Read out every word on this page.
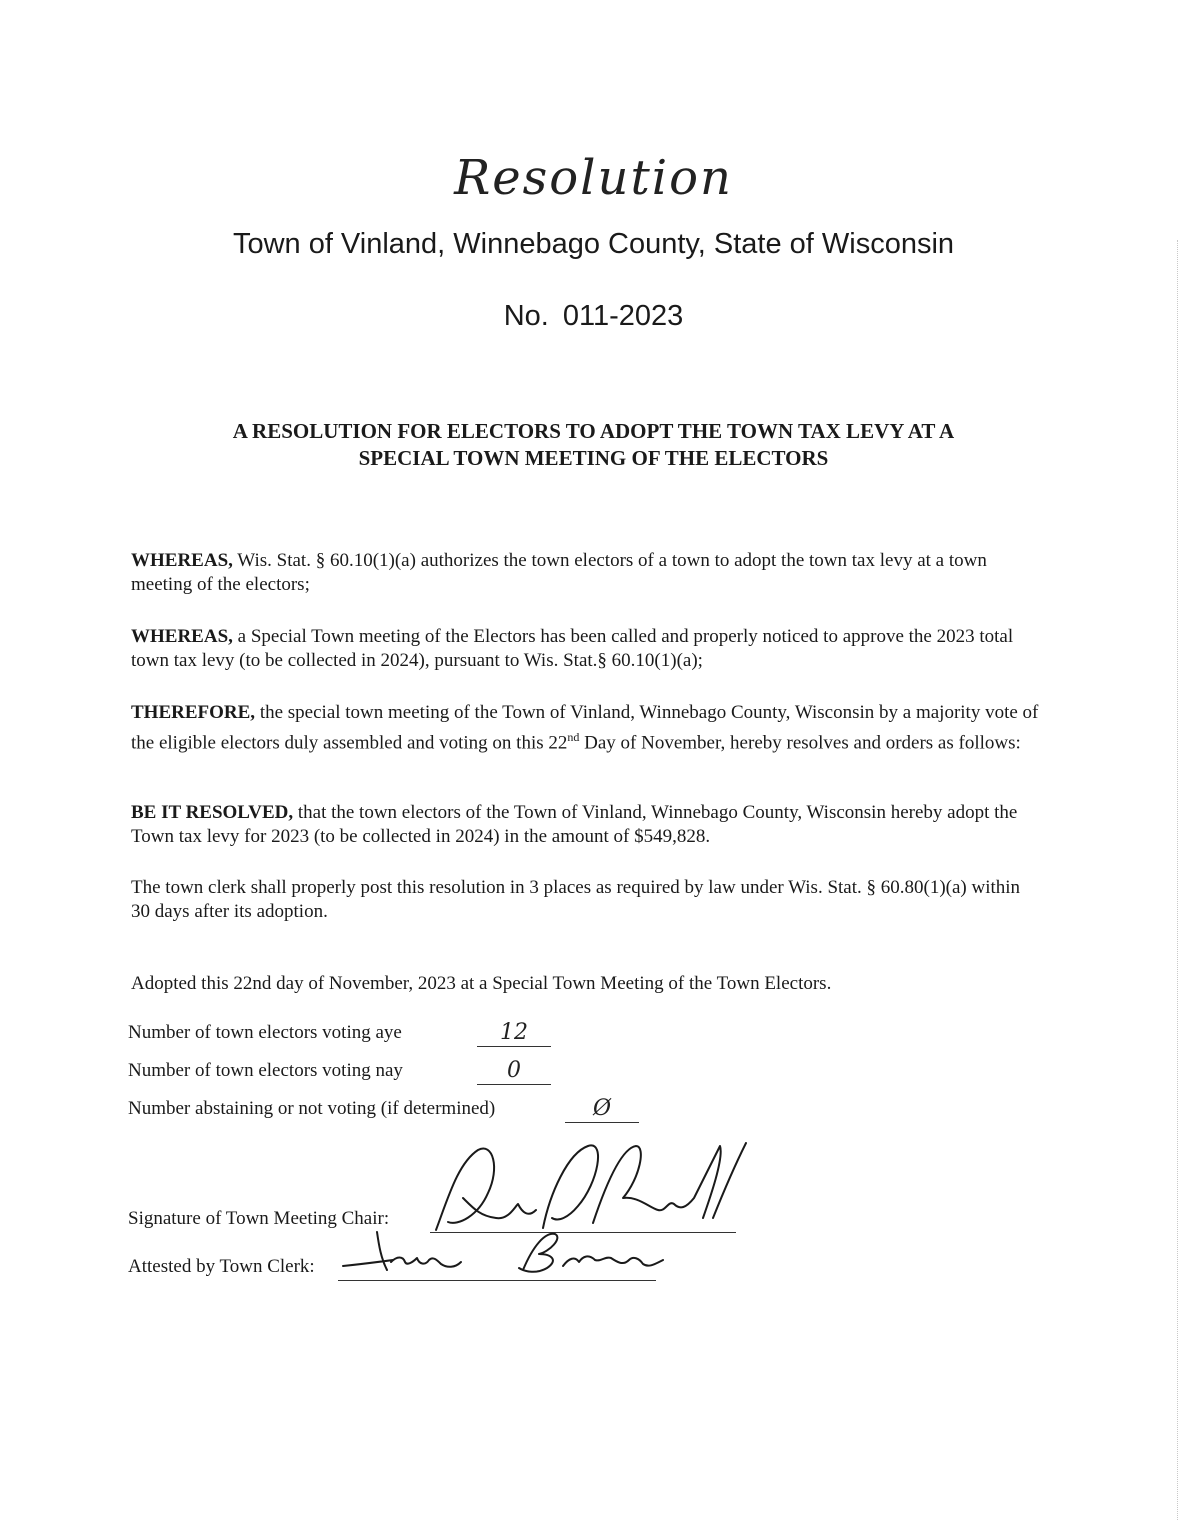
Resolution
Town of Vinland, Winnebago County, State of Wisconsin
No. 011-2023
A RESOLUTION FOR ELECTORS TO ADOPT THE TOWN TAX LEVY AT A
SPECIAL TOWN MEETING OF THE ELECTORS

WHEREAS, Wis. Stat. § 60.10(1)(a) authorizes the town electors of a town to adopt the town tax levy at a town meeting of the electors;

WHEREAS, a Special Town meeting of the Electors has been called and properly noticed to approve the 2023 total town tax levy (to be collected in 2024), pursuant to Wis. Stat.§ 60.10(1)(a);

THEREFORE, the special town meeting of the Town of Vinland, Winnebago County, Wisconsin by a majority vote of the eligible electors duly assembled and voting on this 22nd Day of November, hereby resolves and orders as follows:

BE IT RESOLVED, that the town electors of the Town of Vinland, Winnebago County, Wisconsin hereby adopt the Town tax levy for 2023 (to be collected in 2024) in the amount of $549,828.

The town clerk shall properly post this resolution in 3 places as required by law under Wis. Stat. § 60.80(1)(a) within 30 days after its adoption.

Adopted this 22nd day of November, 2023 at a Special Town Meeting of the Town Electors.

Number of town electors voting aye	12
Number of town electors voting nay	0
Number abstaining or not voting (if determined)	Ø
Signature of Town Meeting Chair:
Attested by Town Clerk:
